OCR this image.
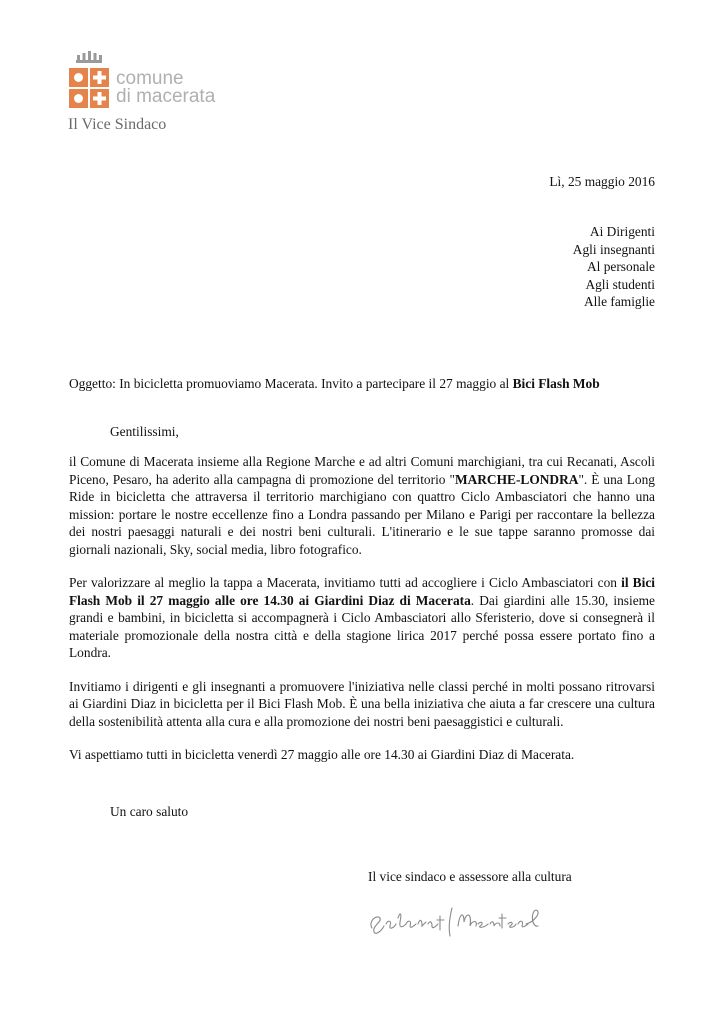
comune
di macerata
Il Vice Sindaco
Lì, 25 maggio 2016
Ai Dirigenti
Agli insegnanti
Al personale
Agli studenti
Alle famiglie
Oggetto: In bicicletta promuoviamo Macerata. Invito a partecipare il 27 maggio al Bici Flash Mob
Gentilissimi,

il Comune di Macerata insieme alla Regione Marche e ad altri Comuni marchigiani, tra cui Recanati, Ascoli Piceno, Pesaro, ha aderito alla campagna di promozione del territorio "MARCHE-LONDRA". È una Long Ride in bicicletta che attraversa il territorio marchigiano con quattro Ciclo Ambasciatori che hanno una mission: portare le nostre eccellenze fino a Londra passando per Milano e Parigi per raccontare la bellezza dei nostri paesaggi naturali e dei nostri beni culturali. L'itinerario e le sue tappe saranno promosse dai giornali nazionali, Sky, social media, libro fotografico.

Per valorizzare al meglio la tappa a Macerata, invitiamo tutti ad accogliere i Ciclo Ambasciatori con il Bici Flash Mob il 27 maggio alle ore 14.30 ai Giardini Diaz di Macerata. Dai giardini alle 15.30, insieme grandi e bambini, in bicicletta si accompagnerà i Ciclo Ambasciatori allo Sferisterio, dove si consegnerà il materiale promozionale della nostra città e della stagione lirica 2017 perché possa essere portato fino a Londra.

Invitiamo i dirigenti e gli insegnanti a promuovere l'iniziativa nelle classi perché in molti possano ritrovarsi ai Giardini Diaz in bicicletta per il Bici Flash Mob. È una bella iniziativa che aiuta a far crescere una cultura della sostenibilità attenta alla cura e alla promozione dei nostri beni paesaggistici e culturali.

Vi aspettiamo tutti in bicicletta venerdì 27 maggio alle ore 14.30 ai Giardini Diaz di Macerata.

Un caro saluto
Il vice sindaco e assessore alla cultura
